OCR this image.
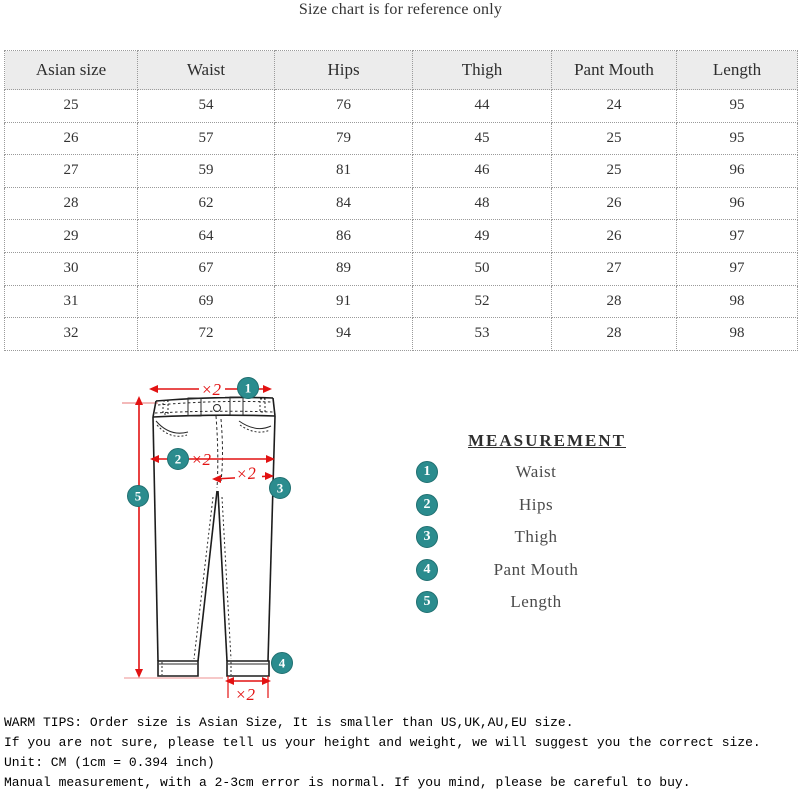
Size chart is for reference only
Asian size	Waist	Hips	Thigh	Pant Mouth	Length
25	54	76	44	24	95
26	57	79	45	25	95
27	59	81	46	25	96
28	62	84	48	26	96
29	64	86	49	26	97
30	67	89	50	27	97
31	69	91	52	28	98
32	72	94	53	28	98
×2 1
2 ×2
×2
3
5
×2
4
MEASUREMENT
1	Waist
2	Hips
3	Thigh
4	Pant Mouth
5	Length
WARM TIPS: Order size is Asian Size, It is smaller than US,UK,AU,EU size.
If you are not sure, please tell us your height and weight, we will suggest you the correct size.
Unit: CM (1cm = 0.394 inch)
Manual measurement, with a 2-3cm error is normal. If you mind, please be careful to buy.
